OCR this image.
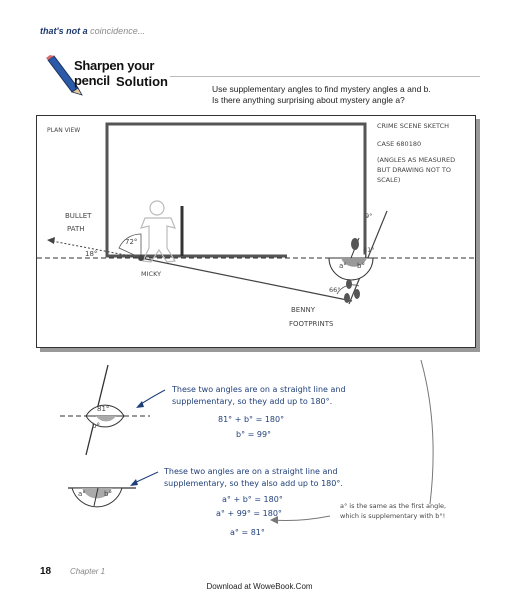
that's not a coincidence...
Sharpen your pencil Solution	Use supplementary angles to find mystery angles a and b.
Is there anything surprising about mystery angle a?
PLAN VIEW
CRIME SCENE SKETCH
CASE 680180
(ANGLES AS MEASURED
BUT DRAWING NOT TO
SCALE)
BULLET
PATH
18°
72°
MICKY
9°
81°
a° b°
66°
BENNY
FOOTPRINTS
81°
b°
These two angles are on a straight line and
supplementary, so they add up to 180°.
81° + b° = 180°
b° = 99°
a°	b°
These two angles are on a straight line and
supplementary, so they also add up to 180°.
a° + b° = 180°
a° + 99° = 180°
a° = 81°
a° is the same as the first angle,
which is supplementary with b°!
18 Chapter 1
Download at WoweBook.Com
